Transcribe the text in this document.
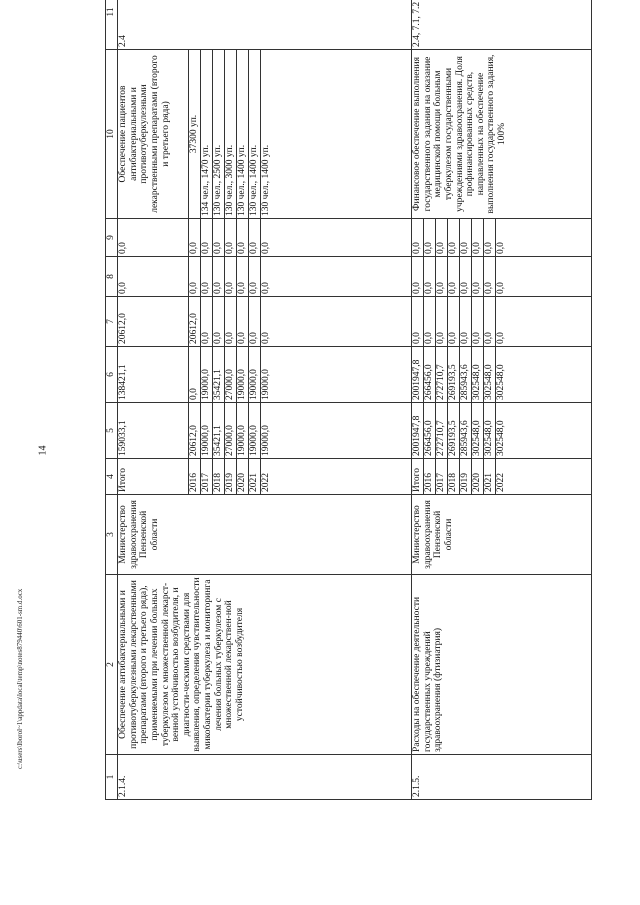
14
c:\users\lborol~1\appdata\local\temp\notes879440\601-sm.d.ocx
1	2	3	4	5	6	7	8	9	10	11
2.1.4.	Обеспечение антибактериальными и противотуберкулезными лекарственными препаратами (второго и третьего ряда), применяемыми при лечении больных туберкулезом с множественной лекарст-венной устойчивостью возбудителя, и диагности-ческими средствами для выявления, определения чувствительности микобактерии туберкулеза и мониторинга лечения больных туберкулезом с множественной лекарствен-ной устойчивостью возбудителя	Министерство здравоохранения Пензенской области	Итого	159033,1	138421,1	20612,0	0,0	0,0	Обеспечение пациентов антибактериальными и противотуберкулезными лекарственными препаратами (второго и третьего ряда)	2.4
			2016	20612,0	0,0	20612,0	0,0	0,0	37300 уп.	
			2017	19000,0	19000,0	0,0	0,0	0,0	134 чел., 1470 уп.	
			2018	35421,1	35421,1	0,0	0,0	0,0	130 чел., 2500 уп.	
			2019	27000,0	27000,0	0,0	0,0	0,0	130 чел., 3000 уп.	
			2020	19000,0	19000,0	0,0	0,0	0,0	130 чел., 1400 уп.	
			2021	19000,0	19000,0	0,0	0,0	0,0	130 чел., 1400 уп.	
			2022	19000,0	19000,0	0,0	0,0	0,0	130 чел., 1400 уп.	
2.1.5.	Расходы на обеспечение деятельности государственных учреждений здравоохранения (фтизиатрия)	Министерство здравоохранения Пензенской области	Итого	2001947,8	2001947,8	0,0	0,0	0,0	Финансовое обеспечение выполнения государственного задания на оказание медицинской помощи больным туберкулезом государственными учреждениями здравоохранения. Доля профинансированных средств, направленных на обеспечение выполнения государственного задания, 100%	2.4, 7.1, 7.2
			2016	266456,0	266456,0	0,0	0,0	0,0		
			2017	272710,7	272710,7	0,0	0,0	0,0		
			2018	269193,5	269193,5	0,0	0,0	0,0		
			2019	285943,6	285943,6	0,0	0,0	0,0		
			2020	302548,0	302548,0	0,0	0,0	0,0		
			2021	302548,0	302548,0	0,0	0,0	0,0		
			2022	302548,0	302548,0	0,0	0,0	0,0		
